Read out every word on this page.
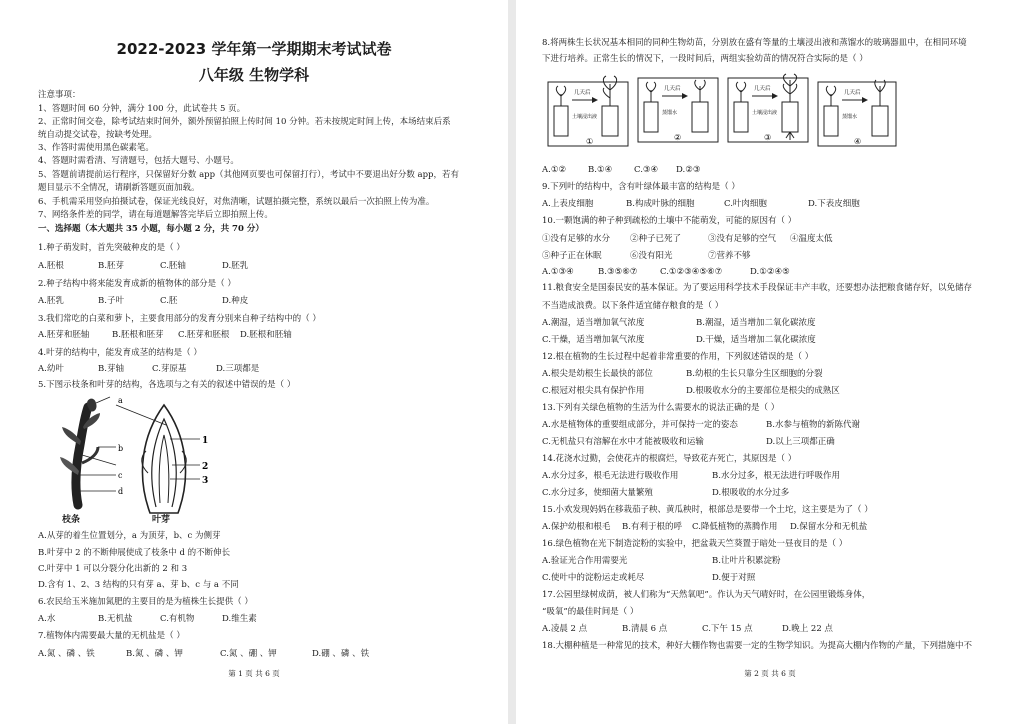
2022-2023 学年第一学期期末考试试卷
八年级 生物学科
注意事项：
1、答题时间 60 分钟，满分 100 分，此试卷共 5 页。
2、正常时间交卷，除考试结束时间外，额外预留拍照上传时间 10 分钟。若未按规定时间上传，本场结束后系
统自动提交试卷，按缺考处理。
3、作答时需使用黑色碳素笔。
4、答题时需看清、写清题号，包括大题号、小题号。
5、答题前请提前运行程序，只保留好分数 app（其他网页要也可保留打行），考试中不要退出好分数 app，若有
题目显示不全情况，请刷新答题页面加载。
6、手机需采用竖向拍摄试卷，保证光线良好，对焦清晰，试题拍摄完整，系统以最后一次拍照上传为准。
7、网络条件差的同学，请在每道题解答完毕后立即拍照上传。
一、选择题（本大题共 35 小题，每小题 2 分，共 70 分）
1.种子萌发时，首先突破种皮的是（ ）
A.胚根	B.胚芽	C.胚轴	D.胚乳
2.种子结构中将来能发育成新的植物体的部分是（ ）
A.胚乳	B.子叶	C.胚	D.种皮
3.我们常吃的白菜和萝卜，主要食用部分的发育分别来自种子结构中的（ ）
A.胚芽和胚轴	B.胚根和胚芽 C.胚芽和胚根 D.胚根和胚轴
4.叶芽的结构中，能发育成茎的结构是（ ）
A.幼叶	B.芽轴	C.芽原基	D.三项都是
5.下图示枝条和叶芽的结构，各选项与之有关的叙述中错误的是（ ）
b
c
d
a
1
2
3
枝条	叶芽
A.从芽的着生位置划分，a 为顶芽，b、c 为侧芽
B.叶芽中 2 的不断伸展使成了枝条中 d 的不断伸长
C.叶芽中 1 可以分裂分化出新的 2 和 3
D.含有 1、2、3 结构的只有芽 a、芽 b、c 与 a 不同
6.农民给玉米施加氮肥的主要目的是为植株生长提供（ ）
A.水	B.无机盐	C.有机物	D.维生素
7.植物体内需要最大量的无机盐是（ ）
A.氮 、磷 、铁	B.氮 、磷 、钾	C.氮 、硼 、钾	D.硼 、磷 、铁
第 1 页 共 6 页
8.将两株生长状况基本相同的同种生物幼苗，分别放在盛有等量的土壤浸出液和蒸馏水的玻璃器皿中，在相同环境
下进行培养。正常生长的情况下，一段时间后，两组实验幼苗的情况符合实际的是（ ）
几天后
几天后	几天后
几天后
土壤浸出液
蒸馏水	土壤浸出液
蒸馏水
①	②	③	④
A.①②	B.①④	C.③④ D.②③
9.下列叶的结构中，含有叶绿体最丰富的结构是（ ）
A.上表皮细胞	B.构成叶脉的细胞	C.叶肉细胞	D.下表皮细胞
10.一颗饱满的种子种到疏松的土壤中不能萌发，可能的原因有（ ）
①没有足够的水分 ②种子已死了	③没有足够的空气 ④温度太低
⑤种子正在休眠	⑥没有阳光	⑦营养不够
A.①③④	B.③⑤⑥⑦	C.①②③④⑤⑥⑦	D.①②④⑤
11.粮食安全是国泰民安的基本保证。为了要运用科学技术手段保证丰产丰收，还要想办法把粮食储存好，以免储存
不当造成浪费。以下条件适宜储存粮食的是（ ）
A.潮湿，适当增加氧气浓度	B.潮湿，适当增加二氧化碳浓度
C.干燥，适当增加氧气浓度	D.干燥，适当增加二氧化碳浓度
12.根在植物的生长过程中起着非常重要的作用，下列叙述错误的是（ ）
A.根尖是幼根生长最快的部位	B.幼根的生长只靠分生区细胞的分裂
C.根冠对根尖具有保护作用	D.根吸收水分的主要部位是根尖的成熟区
13.下列有关绿色植物的生活为什么需要水的说法正确的是（ ）
A.水是植物体的重要组成部分，并可保持一定的姿态	B.水参与植物的新陈代谢
C.无机盐只有溶解在水中才能被吸收和运输	D.以上三项都正确
14.花浇水过勤，会使花卉的根腐烂，导致花卉死亡，其原因是（ ）
A.水分过多，根毛无法进行吸收作用	B.水分过多，根无法进行呼吸作用
C.水分过多，使细菌大量繁殖	D.根吸收的水分过多
15.小欢发现妈妈在移栽茄子秧、黄瓜秧时，根部总是要带一个土坨，这主要是为了（ ）
A.保护幼根和根毛 B.有利于根的呼 C.降低植物的蒸腾作用 D.保留水分和无机盐
16.绿色植物在光下制造淀粉的实验中，把盆栽天竺葵置于暗处一昼夜目的是（ ）
A.验证光合作用需要光	B.让叶片积累淀粉
C.使叶中的淀粉运走或耗尽	D.便于对照
17.公园里绿树成荫，被人们称为“天然氧吧”。作认为天气晴好时，在公园里锻炼身体，
“吸氧”的最佳时间是（ ）
A.凌晨 2 点	B.清晨 6 点	C.下午 15 点	D.晚上 22 点
18.大棚种植是一种常见的技术，种好大棚作物也需要一定的生物学知识。为提高大棚内作物的产量，下列措施中不
第 2 页 共 6 页
